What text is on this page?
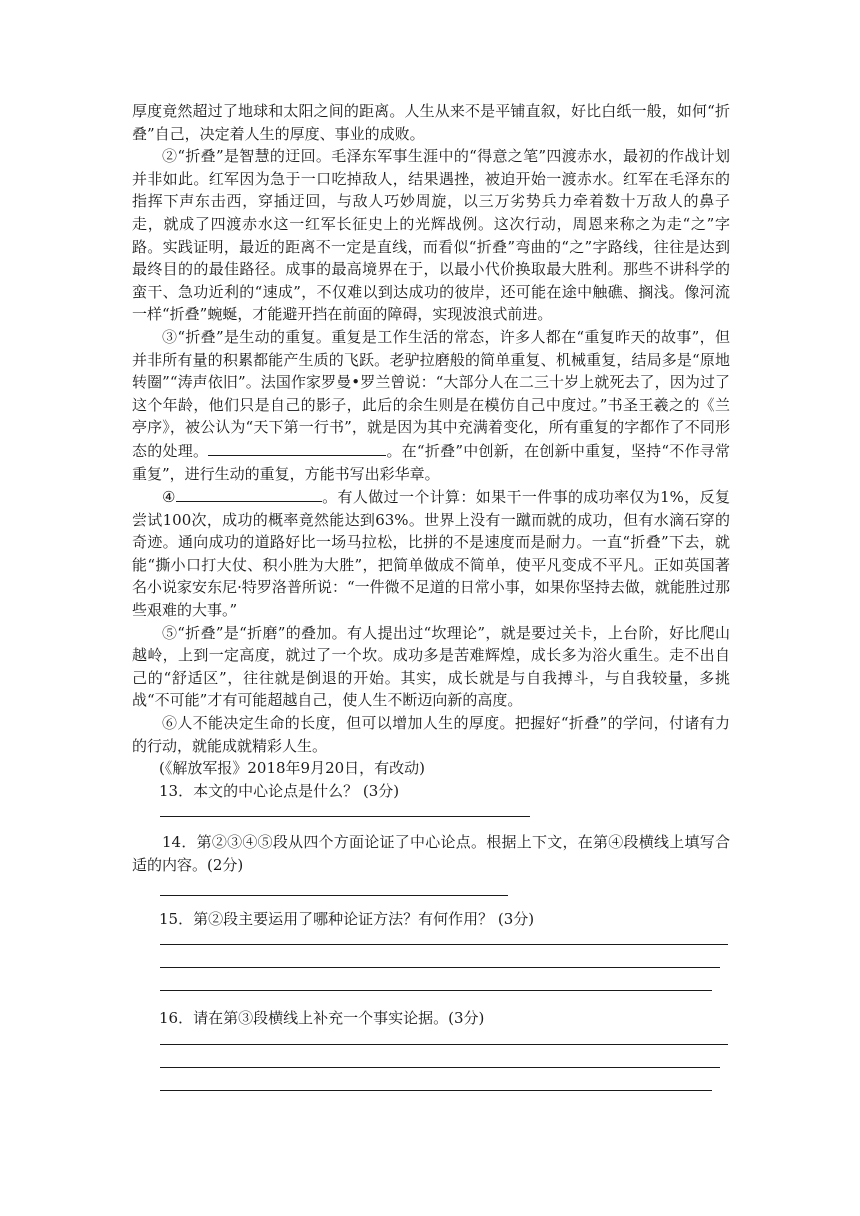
厚度竟然超过了地球和太阳之间的距离。人生从来不是平铺直叙，好比白纸一般，如何“折叠”自己，决定着人生的厚度、事业的成败。

②“折叠”是智慧的迂回。毛泽东军事生涯中的“得意之笔”四渡赤水，最初的作战计划并非如此。红军因为急于一口吃掉敌人，结果遇挫，被迫开始一渡赤水。红军在毛泽东的指挥下声东击西，穿插迂回，与敌人巧妙周旋，以三万劣势兵力牵着数十万敌人的鼻子走，就成了四渡赤水这一红军长征史上的光辉战例。这次行动，周恩来称之为走“之”字路。实践证明，最近的距离不一定是直线，而看似“折叠”弯曲的“之”字路线，往往是达到最终目的的最佳路径。成事的最高境界在于，以最小代价换取最大胜利。那些不讲科学的蛮干、急功近利的“速成”，不仅难以到达成功的彼岸，还可能在途中触礁、搁浅。像河流一样“折叠”蜿蜒，才能避开挡在前面的障碍，实现波浪式前进。

③“折叠”是生动的重复。重复是工作生活的常态，许多人都在“重复昨天的故事”，但并非所有量的积累都能产生质的飞跃。老驴拉磨般的简单重复、机械重复，结局多是“原地转圈”“涛声依旧”。法国作家罗曼•罗兰曾说：“大部分人在二三十岁上就死去了，因为过了这个年龄，他们只是自己的影子，此后的余生则是在模仿自己中度过。”书圣王羲之的《兰亭序》，被公认为“天下第一行书”，就是因为其中充满着变化，所有重复的字都作了不同形态的处理。	。在“折叠”中创新，在创新中重复，坚持“不作寻常重复”，进行生动的重复，方能书写出彩华章。

④	。有人做过一个计算：如果干一件事的成功率仅为1%，反复尝试100次，成功的概率竟然能达到63%。世界上没有一蹴而就的成功，但有水滴石穿的奇迹。通向成功的道路好比一场马拉松，比拼的不是速度而是耐力。一直“折叠”下去，就能“撕小口打大仗、积小胜为大胜”，把简单做成不简单，使平凡变成不平凡。正如英国著名小说家安东尼·特罗洛普所说：“一件微不足道的日常小事，如果你坚持去做，就能胜过那些艰难的大事。”

⑤“折叠”是“折磨”的叠加。有人提出过“坎理论”，就是要过关卡，上台阶，好比爬山越岭，上到一定高度，就过了一个坎。成功多是苦难辉煌，成长多为浴火重生。走不出自己的“舒适区”，往往就是倒退的开始。其实，成长就是与自我搏斗，与自我较量，多挑战“不可能”才有可能超越自己，使人生不断迈向新的高度。

⑥人不能决定生命的长度，但可以增加人生的厚度。把握好“折叠”的学问，付诸有力的行动，就能成就精彩人生。

(《解放军报》2018年9月20日，有改动)

13．本文的中心论点是什么？ (3分)

14．第②③④⑤段从四个方面论证了中心论点。根据上下文，在第④段横线上填写合适的内容。(2分)

15．第②段主要运用了哪种论证方法？有何作用？ (3分)

16．请在第③段横线上补充一个事实论据。(3分)
